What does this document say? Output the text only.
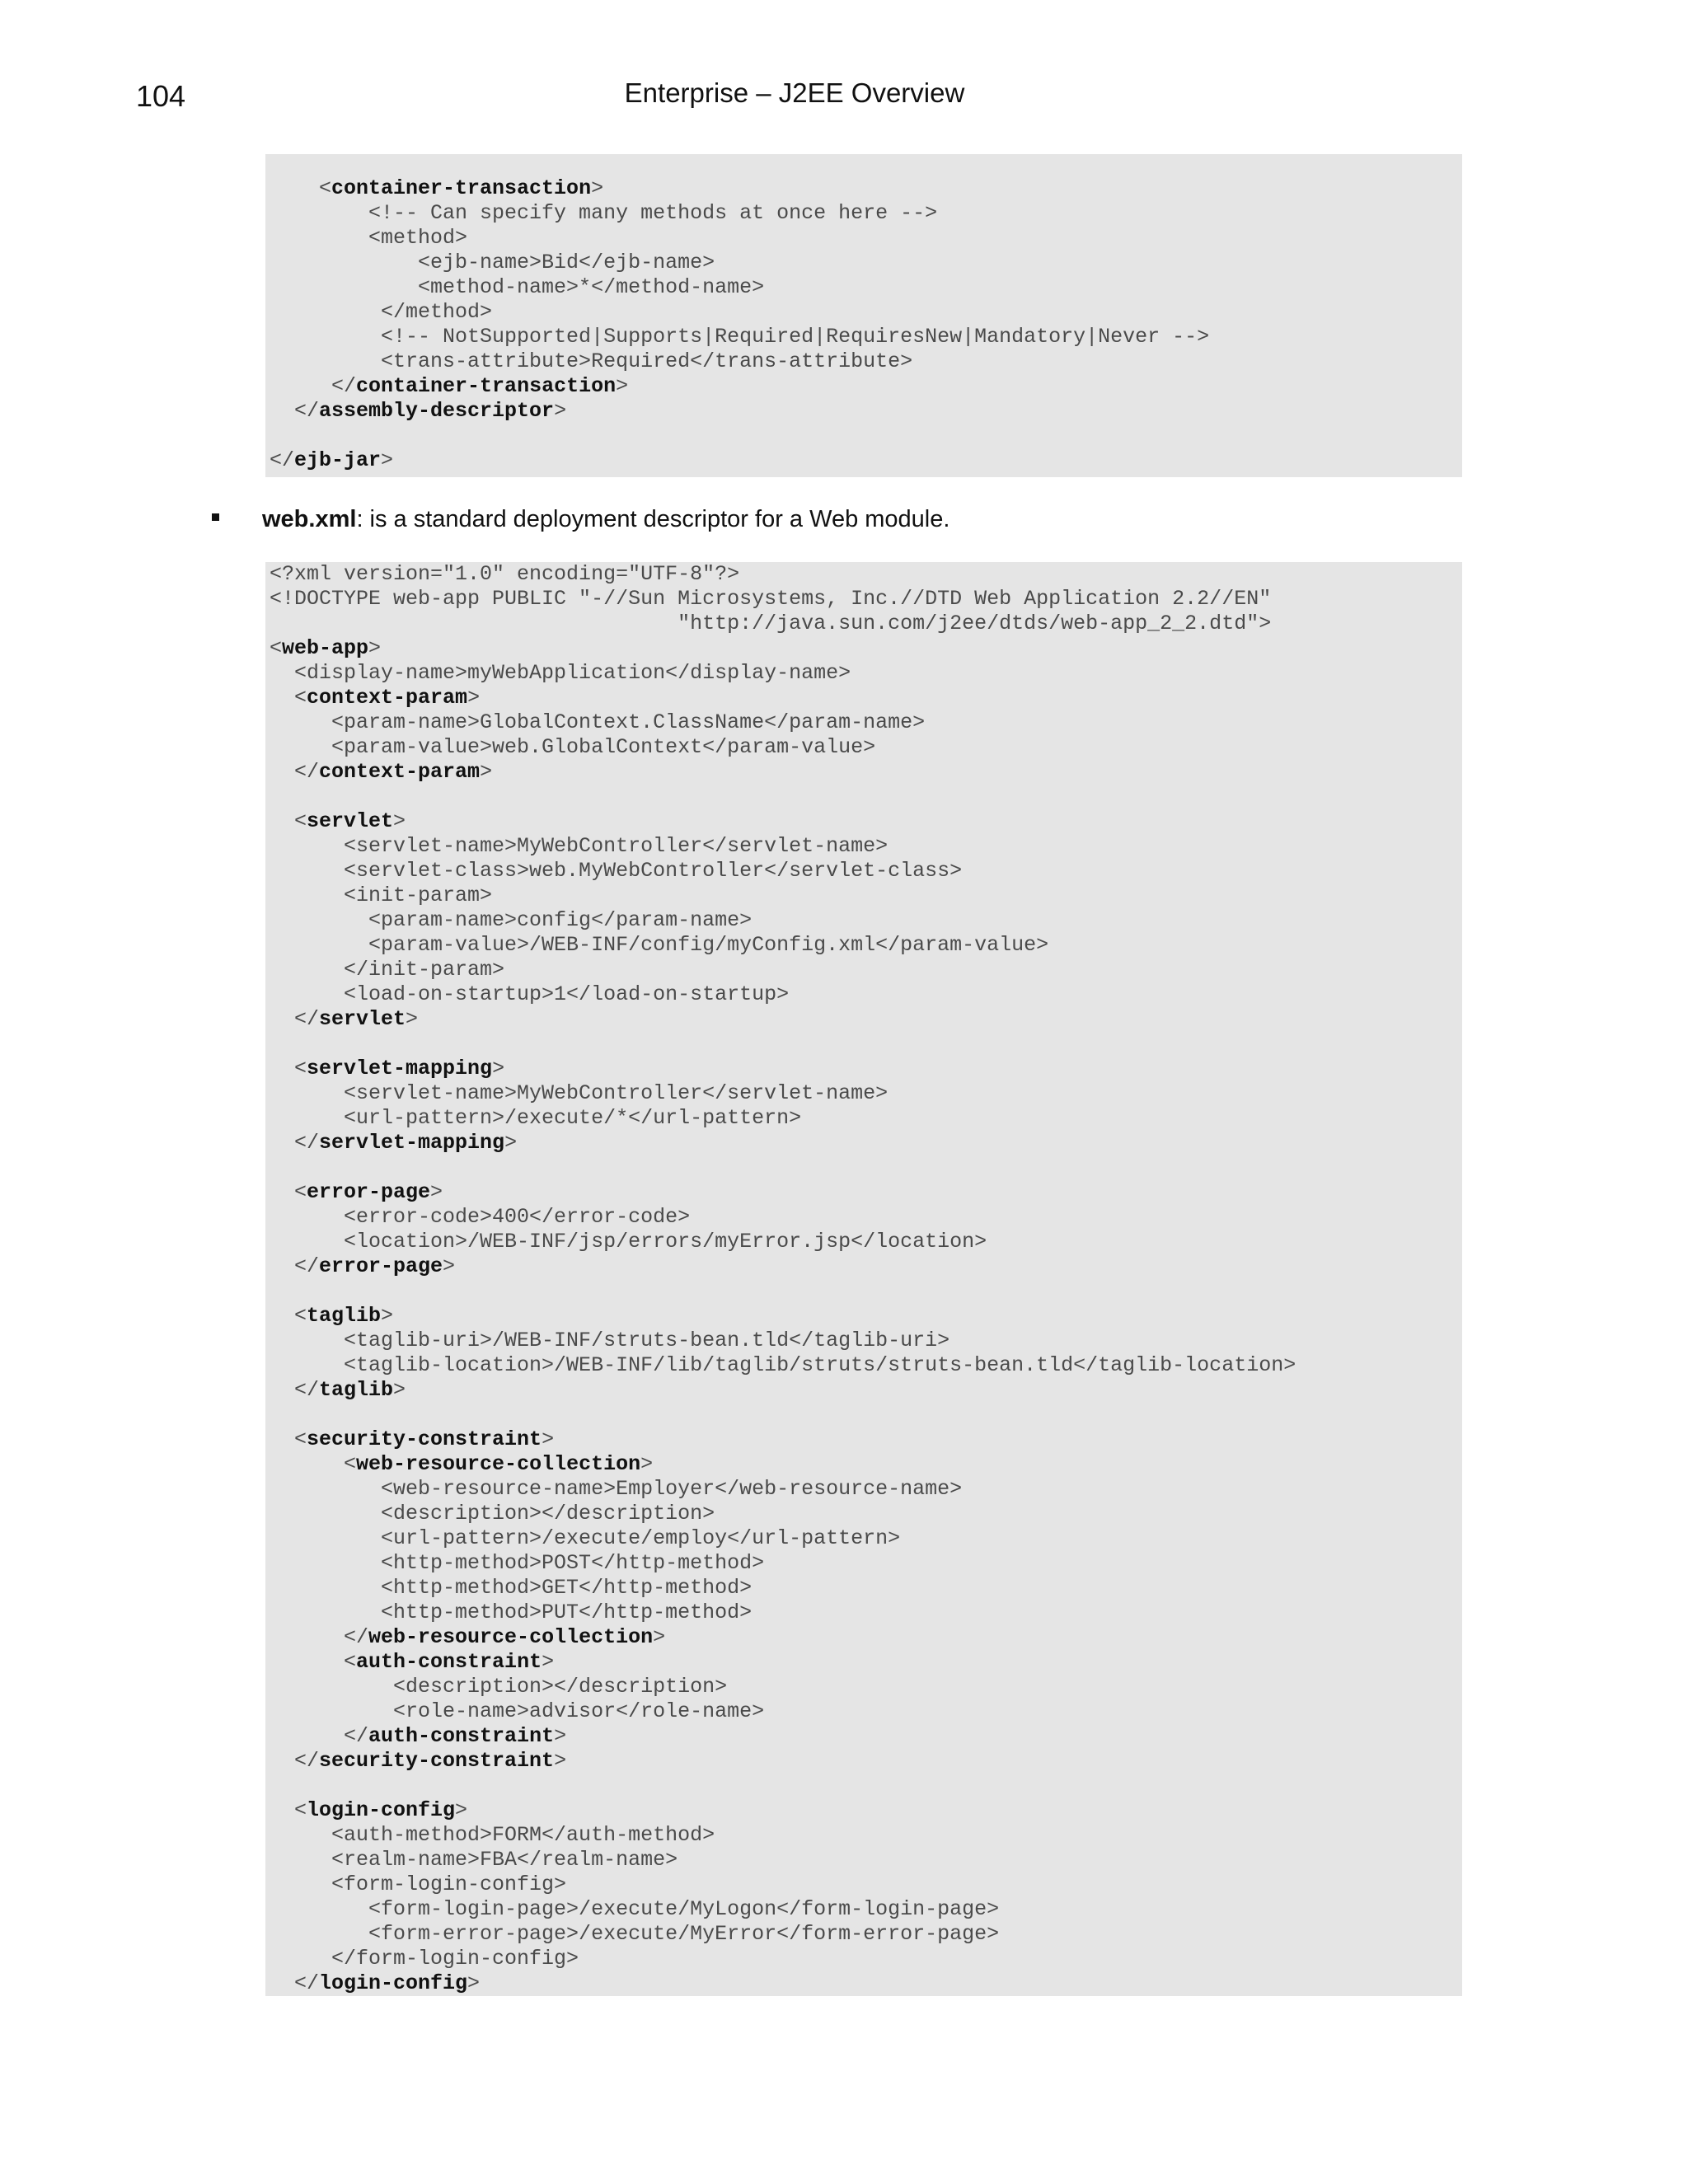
104	Enterprise – J2EE Overview
<container-transaction>
<!-- Can specify many methods at once here -->
<method>
<ejb-name>Bid</ejb-name>
<method-name>*</method-name>
</method>
<!-- NotSupported|Supports|Required|RequiresNew|Mandatory|Never -->
<trans-attribute>Required</trans-attribute>
</container-transaction>
</assembly-descriptor>

</ejb-jar>
web.xml: is a standard deployment descriptor for a Web module.
<?xml version="1.0" encoding="UTF-8"?>
<!DOCTYPE web-app PUBLIC "-//Sun Microsystems, Inc.//DTD Web Application 2.2//EN"
"http://java.sun.com/j2ee/dtds/web-app_2_2.dtd">
<web-app>
<display-name>myWebApplication</display-name>
<context-param>
<param-name>GlobalContext.ClassName</param-name>
<param-value>web.GlobalContext</param-value>
</context-param>

<servlet>
<servlet-name>MyWebController</servlet-name>
<servlet-class>web.MyWebController</servlet-class>
<init-param>
<param-name>config</param-name>
<param-value>/WEB-INF/config/myConfig.xml</param-value>
</init-param>
<load-on-startup>1</load-on-startup>
</servlet>

<servlet-mapping>
<servlet-name>MyWebController</servlet-name>
<url-pattern>/execute/*</url-pattern>
</servlet-mapping>

<error-page>
<error-code>400</error-code>
<location>/WEB-INF/jsp/errors/myError.jsp</location>
</error-page>

<taglib>
<taglib-uri>/WEB-INF/struts-bean.tld</taglib-uri>
<taglib-location>/WEB-INF/lib/taglib/struts/struts-bean.tld</taglib-location>
</taglib>

<security-constraint>
<web-resource-collection>
<web-resource-name>Employer</web-resource-name>
<description></description>
<url-pattern>/execute/employ</url-pattern>
<http-method>POST</http-method>
<http-method>GET</http-method>
<http-method>PUT</http-method>
</web-resource-collection>
<auth-constraint>
<description></description>
<role-name>advisor</role-name>
</auth-constraint>
</security-constraint>

<login-config>
<auth-method>FORM</auth-method>
<realm-name>FBA</realm-name>
<form-login-config>
<form-login-page>/execute/MyLogon</form-login-page>
<form-error-page>/execute/MyError</form-error-page>
</form-login-config>
</login-config>
